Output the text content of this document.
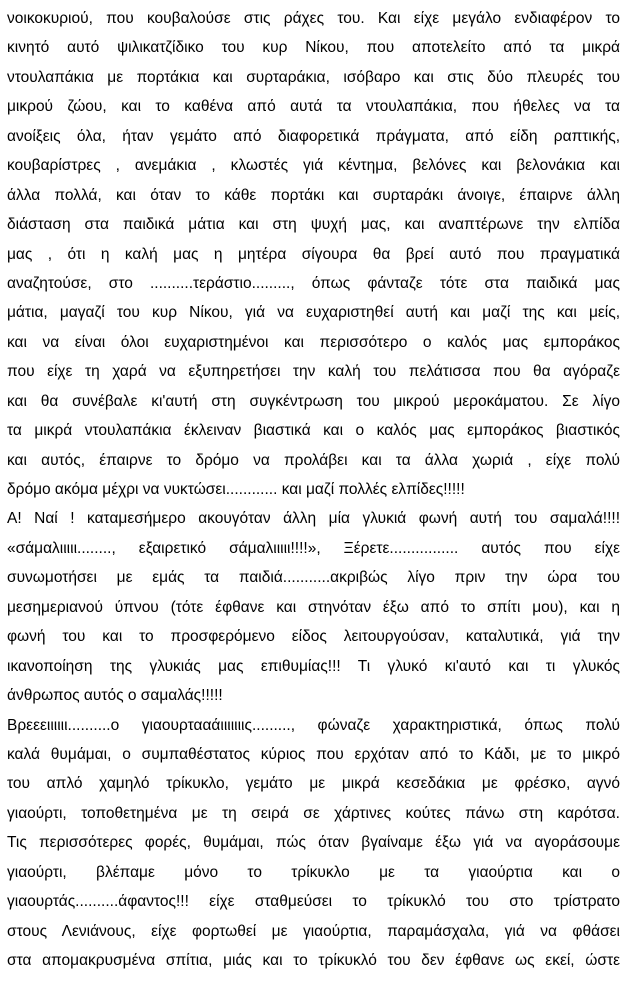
νοικοκυριού, που κουβαλούσε στις ράχες του. Και είχε μεγάλο ενδιαφέρον το
κινητό αυτό ψιλικατζίδικο του κυρ Νίκου, που αποτελείτο από τα μικρά
ντουλαπάκια με πορτάκια και συρταράκια, ισόβαρο και στις δύο πλευρές του
μικρού ζώου, και το καθένα από αυτά τα ντουλαπάκια, που ήθελες να τα
ανοίξεις όλα, ήταν γεμάτο από διαφορετικά πράγματα, από είδη ραπτικής,
κουβαρίστρες , ανεμάκια , κλωστές γιά κέντημα, βελόνες και βελονάκια και
άλλα πολλά, και όταν το κάθε πορτάκι και συρταράκι άνοιγε, έπαιρνε άλλη
διάσταση στα παιδικά μάτια και στη ψυχή μας, και αναπτέρωνε την ελπίδα
μας , ότι η καλή μας η μητέρα σίγουρα θα βρεί αυτό που πραγματικά
αναζητούσε, στο ..........τεράστιο........., όπως φάνταζε τότε στα παιδικά μας
μάτια, μαγαζί του κυρ Νίκου, γιά να ευχαριστηθεί αυτή και μαζί της και μείς,
και να είναι όλοι ευχαριστημένοι και περισσότερο ο καλός μας εμποράκος
που είχε τη χαρά να εξυπηρετήσει την καλή του πελάτισσα που θα αγόραζε
και θα συνέβαλε κι'αυτή στη συγκέντρωση του μικρού μεροκάματου. Σε λίγο
τα μικρά ντουλαπάκια έκλειναν βιαστικά και ο καλός μας εμποράκος βιαστικός
και αυτός, έπαιρνε το δρόμο να προλάβει και τα άλλα χωριά , είχε πολύ
δρόμο ακόμα μέχρι να νυκτώσει............ και μαζί πολλές ελπίδες!!!!!
Α! Ναί ! καταμεσήμερο ακουγόταν άλλη μία γλυκιά φωνή αυτή του σαμαλά!!!!
«σάμαλιιιιι........, εξαιρετικό σάμαλιιιιι!!!!», Ξέρετε................ αυτός που είχε
συνωμοτήσει με εμάς τα παιδιά...........ακριβώς λίγο πριν την ώρα του
μεσημεριανού ύπνου (τότε έφθανε και στηνόταν έξω από το σπίτι μου), και η
φωνή του και το προσφερόμενο είδος λειτουργούσαν, καταλυτικά, γιά την
ικανοποίηση της γλυκιάς μας επιθυμίας!!! Τι γλυκό κι'αυτό και τι γλυκός
άνθρωπος αυτός ο σαμαλάς!!!!!
Βρεεειιιιιι..........ο γιαουρτααάιιιιιιις........., φώναζε χαρακτηριστικά, όπως πολύ
καλά θυμάμαι, ο συμπαθέστατος κύριος που ερχόταν από το Κάδι, με το μικρό
του απλό χαμηλό τρίκυκλο, γεμάτο με μικρά κεσεδάκια με φρέσκο, αγνό
γιαούρτι, τοποθετημένα με τη σειρά σε χάρτινες κούτες πάνω στη καρότσα.
Τις περισσότερες φορές, θυμάμαι, πώς όταν βγαίναμε έξω γιά να αγοράσουμε
γιαούρτι, βλέπαμε μόνο το τρίκυκλο με τα γιαούρτια και ο
γιαουρτάς..........άφαντος!!! είχε σταθμεύσει το τρίκυκλό του στο τρίστρατο
στους Λενιάνους, είχε φορτωθεί με γιαούρτια, παραμάσχαλα, γιά να φθάσει
στα απομακρυσμένα σπίτια, μιάς και το τρίκυκλό του δεν έφθανε ως εκεί, ώστε
